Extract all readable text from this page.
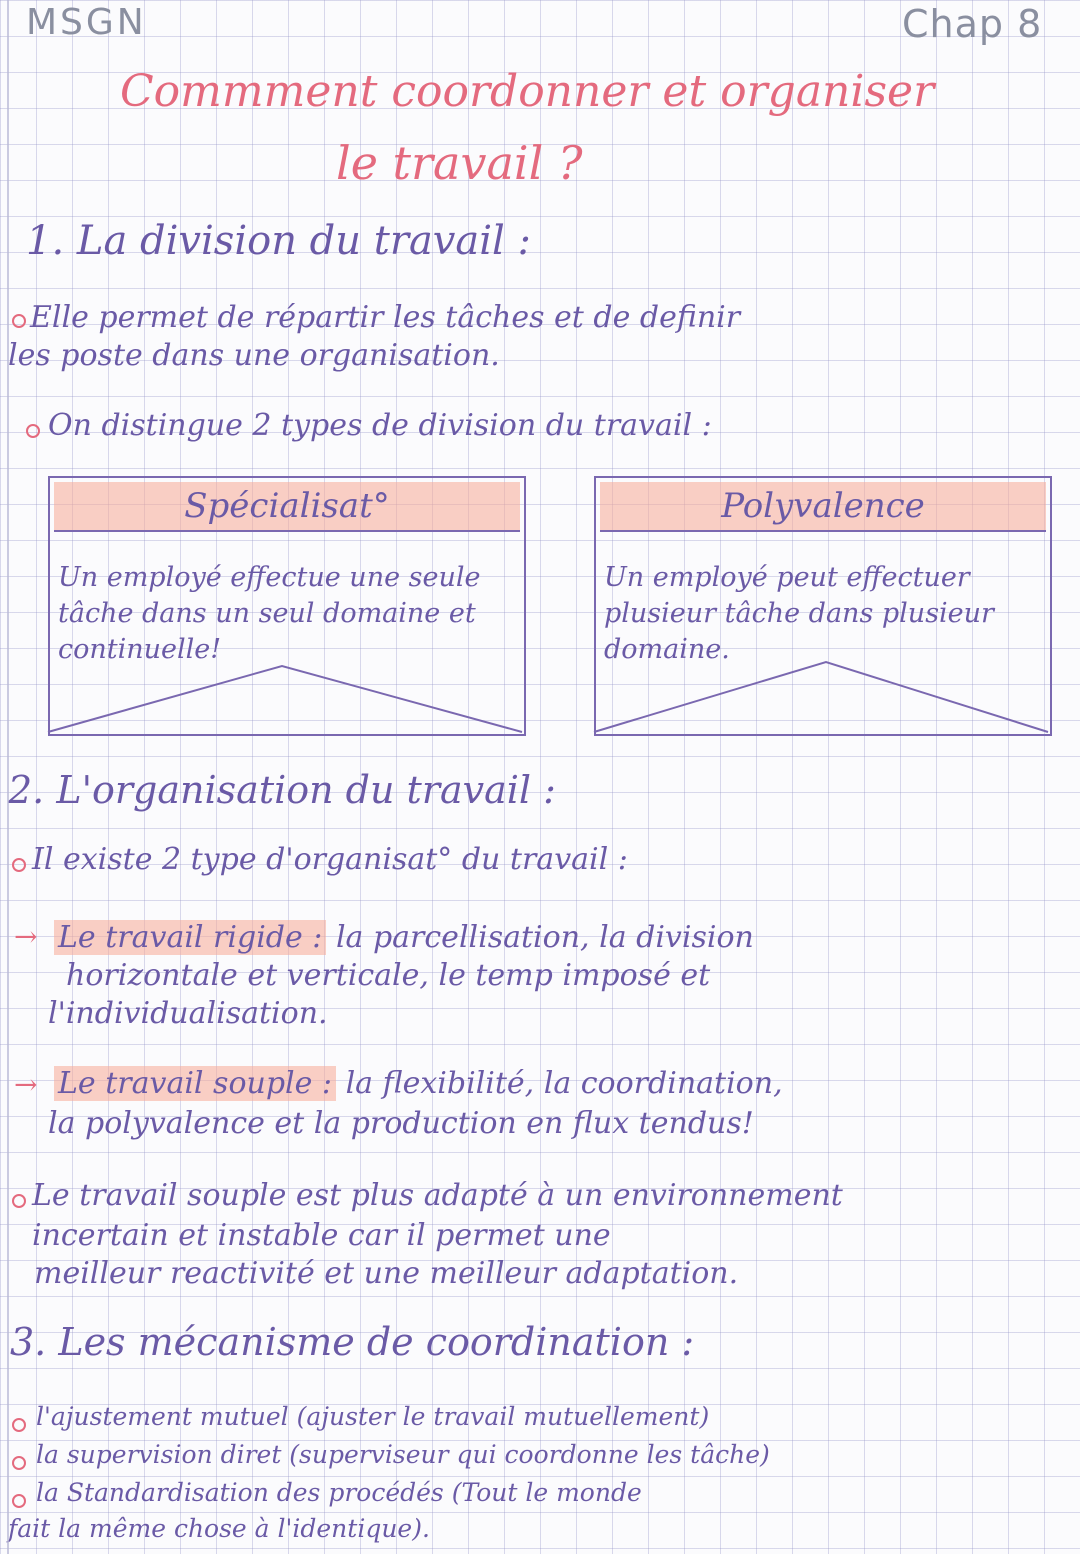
MSGN	Chap 8
Commment coordonner et organiser
le travail ?
1. La division du travail :
Elle permet de répartir les tâches et de definir
les poste dans une organisation.
On distingue 2 types de division du travail :
Spécialisat°
Un employé effectue une seule tâche dans un seul domaine et continuelle!
Polyvalence
Un employé peut effectuer plusieur tâche dans plusieur domaine.
2. L'organisation du travail :
Il existe 2 type d'organisat° du travail :
→ Le travail rigide : la parcellisation, la division
horizontale et verticale, le temp imposé et
l'individualisation.
→ Le travail souple : la flexibilité, la coordination,
la polyvalence et la production en flux tendus!
Le travail souple est plus adapté à un environnement
incertain et instable car il permet une
meilleur reactivité et une meilleur adaptation.
3. Les mécanisme de coordination :
l'ajustement mutuel (ajuster le travail mutuellement)
la supervision diret (superviseur qui coordonne les tâche)
la Standardisation des procédés (Tout le monde
fait la même chose à l'identique).
